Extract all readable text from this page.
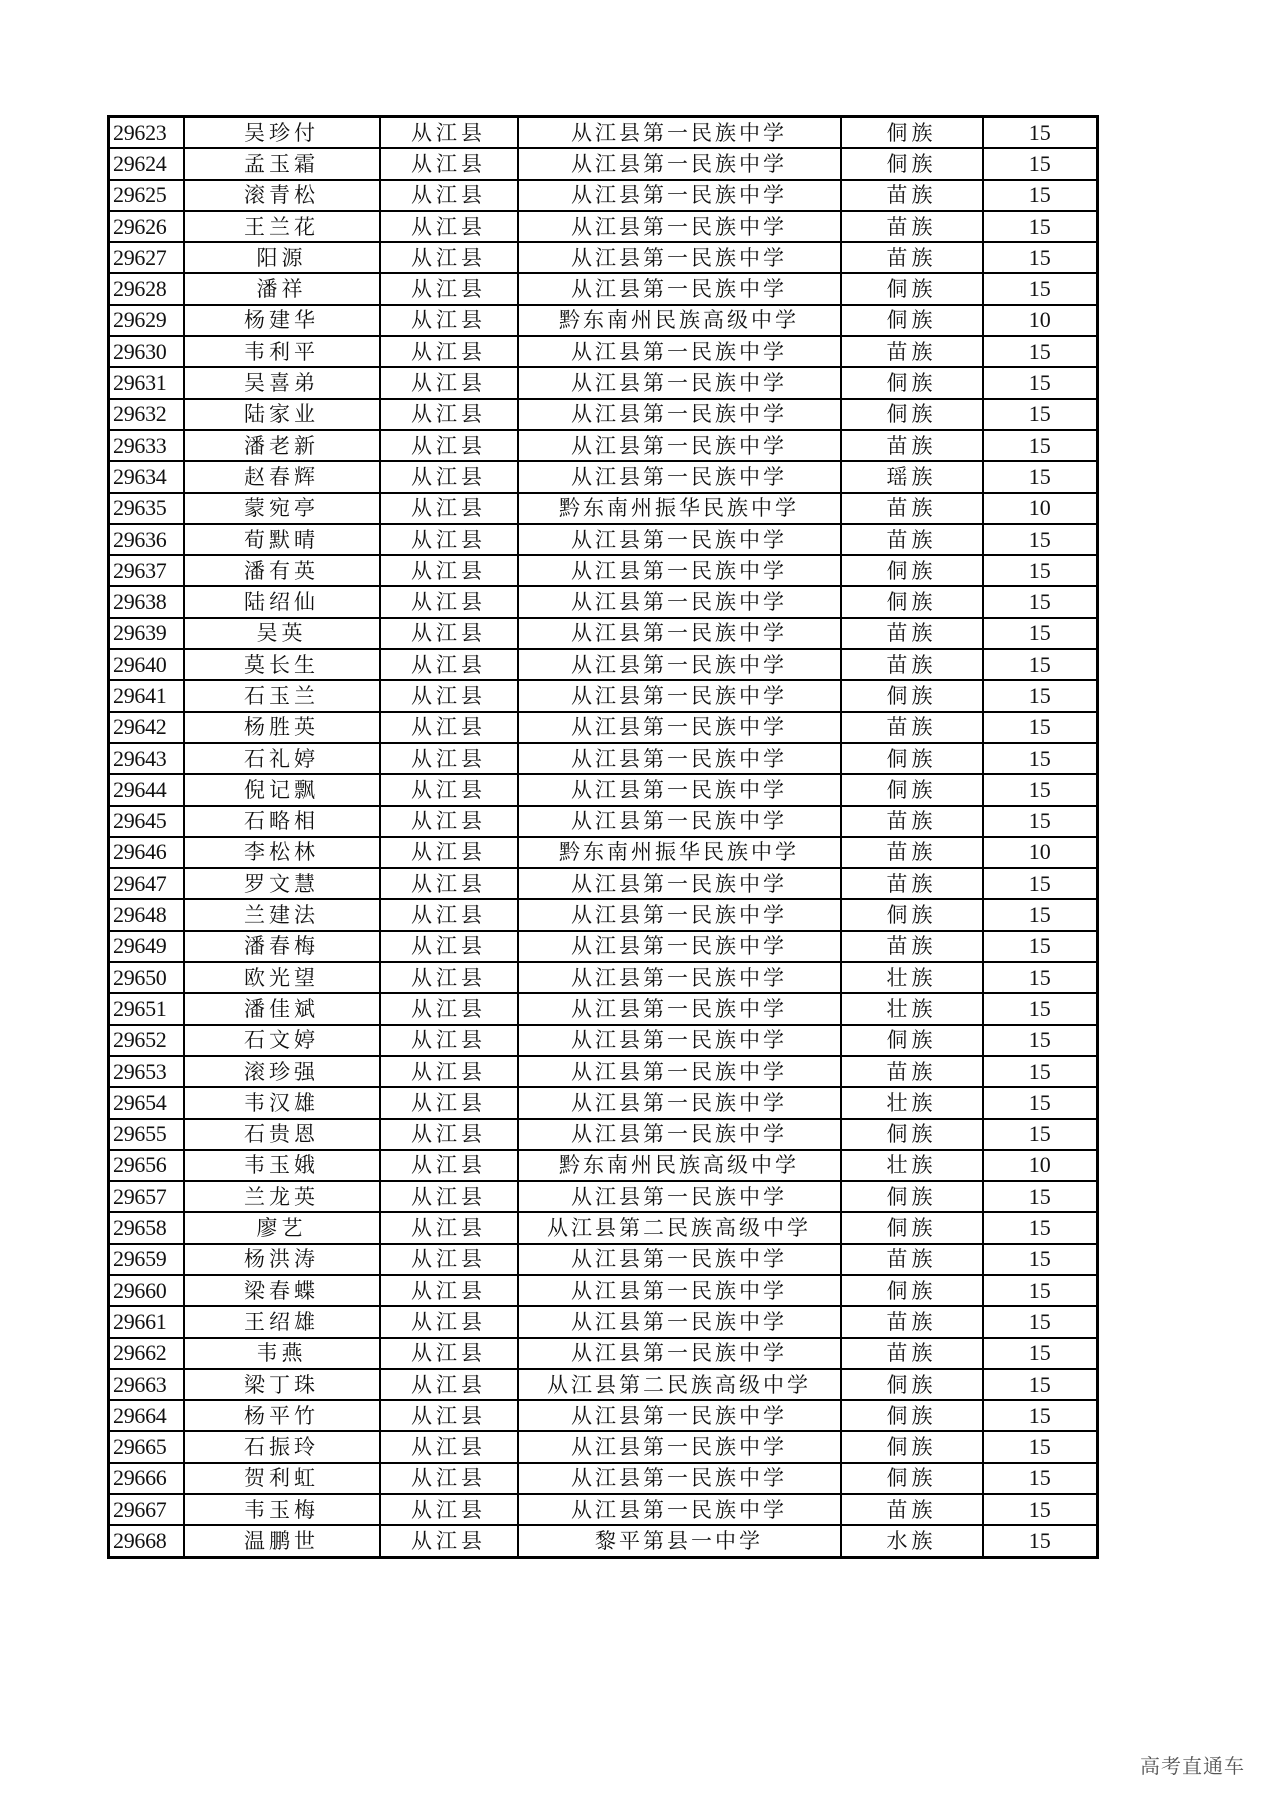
29623	吴珍付	从江县	从江县第一民族中学	侗族	15
29624	孟玉霜	从江县	从江县第一民族中学	侗族	15
29625	滚青松	从江县	从江县第一民族中学	苗族	15
29626	王兰花	从江县	从江县第一民族中学	苗族	15
29627	阳源	从江县	从江县第一民族中学	苗族	15
29628	潘祥	从江县	从江县第一民族中学	侗族	15
29629	杨建华	从江县	黔东南州民族高级中学	侗族	10
29630	韦利平	从江县	从江县第一民族中学	苗族	15
29631	吴喜弟	从江县	从江县第一民族中学	侗族	15
29632	陆家业	从江县	从江县第一民族中学	侗族	15
29633	潘老新	从江县	从江县第一民族中学	苗族	15
29634	赵春辉	从江县	从江县第一民族中学	瑶族	15
29635	蒙宛亭	从江县	黔东南州振华民族中学	苗族	10
29636	荀默晴	从江县	从江县第一民族中学	苗族	15
29637	潘有英	从江县	从江县第一民族中学	侗族	15
29638	陆绍仙	从江县	从江县第一民族中学	侗族	15
29639	吴英	从江县	从江县第一民族中学	苗族	15
29640	莫长生	从江县	从江县第一民族中学	苗族	15
29641	石玉兰	从江县	从江县第一民族中学	侗族	15
29642	杨胜英	从江县	从江县第一民族中学	苗族	15
29643	石礼婷	从江县	从江县第一民族中学	侗族	15
29644	倪记飘	从江县	从江县第一民族中学	侗族	15
29645	石略相	从江县	从江县第一民族中学	苗族	15
29646	李松林	从江县	黔东南州振华民族中学	苗族	10
29647	罗文慧	从江县	从江县第一民族中学	苗族	15
29648	兰建法	从江县	从江县第一民族中学	侗族	15
29649	潘春梅	从江县	从江县第一民族中学	苗族	15
29650	欧光望	从江县	从江县第一民族中学	壮族	15
29651	潘佳斌	从江县	从江县第一民族中学	壮族	15
29652	石文婷	从江县	从江县第一民族中学	侗族	15
29653	滚珍强	从江县	从江县第一民族中学	苗族	15
29654	韦汉雄	从江县	从江县第一民族中学	壮族	15
29655	石贵恩	从江县	从江县第一民族中学	侗族	15
29656	韦玉娥	从江县	黔东南州民族高级中学	壮族	10
29657	兰龙英	从江县	从江县第一民族中学	侗族	15
29658	廖艺	从江县	从江县第二民族高级中学	侗族	15
29659	杨洪涛	从江县	从江县第一民族中学	苗族	15
29660	梁春蝶	从江县	从江县第一民族中学	侗族	15
29661	王绍雄	从江县	从江县第一民族中学	苗族	15
29662	韦燕	从江县	从江县第一民族中学	苗族	15
29663	梁丁珠	从江县	从江县第二民族高级中学	侗族	15
29664	杨平竹	从江县	从江县第一民族中学	侗族	15
29665	石振玲	从江县	从江县第一民族中学	侗族	15
29666	贺利虹	从江县	从江县第一民族中学	侗族	15
29667	韦玉梅	从江县	从江县第一民族中学	苗族	15
29668	温鹏世	从江县	黎平第县一中学	水族	15
高考直通车
